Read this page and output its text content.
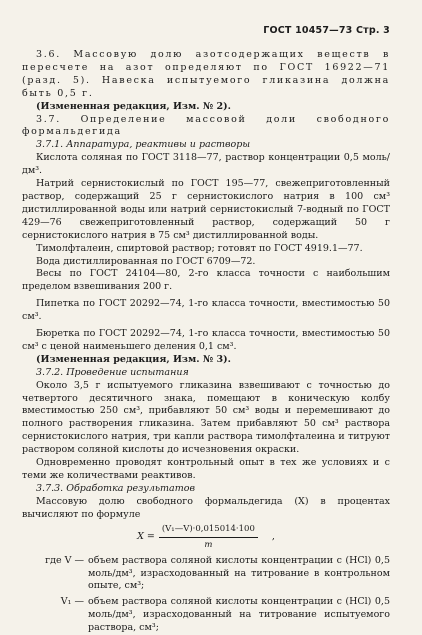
ГОСТ 10457—73 Стр. 3

3.6. Массовую долю азотсодержащих веществ в пересчете на азот определяют по ГОСТ 16922—71 (разд. 5). Навеска испытуемого гликазина должна быть 0,5 г.

(Измененная редакция, Изм. № 2).

3.7. Определение массовой доли свободного формальдегида

3.7.1. Аппаратура, реактивы и растворы

Кислота соляная по ГОСТ 3118—77, раствор концентрации 0,5 моль/дм³.

Натрий сернистокислый по ГОСТ 195—77, свежеприготовленный раствор, содержащий 25 г сернистокислого натрия в 100 см³ дистиллированной воды или натрий сернистокислый 7-водный по ГОСТ 429—76 свежеприготовленный раствор, содержащий 50 г сернистокислого натрия в 75 см³ дистиллированной воды.

Тимолфталеин, спиртовой раствор; готовят по ГОСТ 4919.1—77.

Вода дистиллированная по ГОСТ 6709—72.

Весы по ГОСТ 24104—80, 2-го класса точности с наибольшим пределом взвешивания 200 г.

Пипетка по ГОСТ 20292—74, 1-го класса точности, вместимостью 50 см³.

Бюретка по ГОСТ 20292—74, 1-го класса точности, вместимостью 50 см³ с ценой наименьшего деления 0,1 см³.

(Измененная редакция, Изм. № 3).

3.7.2. Проведение испытания

Около 3,5 г испытуемого гликазина взвешивают с точностью до четвертого десятичного знака, помещают в коническую колбу вместимостью 250 см³, прибавляют 50 см³ воды и перемешивают до полного растворения гликазина. Затем прибавляют 50 см³ раствора сернистокислого натрия, три капли раствора тимолфталеина и титруют раствором соляной кислоты до исчезновения окраски.

Одновременно проводят контрольный опыт в тех же условиях и с теми же количествами реактивов.

3.7.3. Обработка результатов

Массовую долю свободного формальдегида (X) в процентах вычисляют по формуле

$X = \frac{\text{(V₁—V)·0,015014·100}}{m}$ ,
где V — объем раствора соляной кислоты концентрации c (HCl) 0,5 моль/дм³, израсходованный на титрование в контрольном опыте, см³;
V₁ — объем раствора соляной кислоты концентрации c (HCl) 0,5 моль/дм³, израсходованный на титрование испытуемого раствора, см³;
